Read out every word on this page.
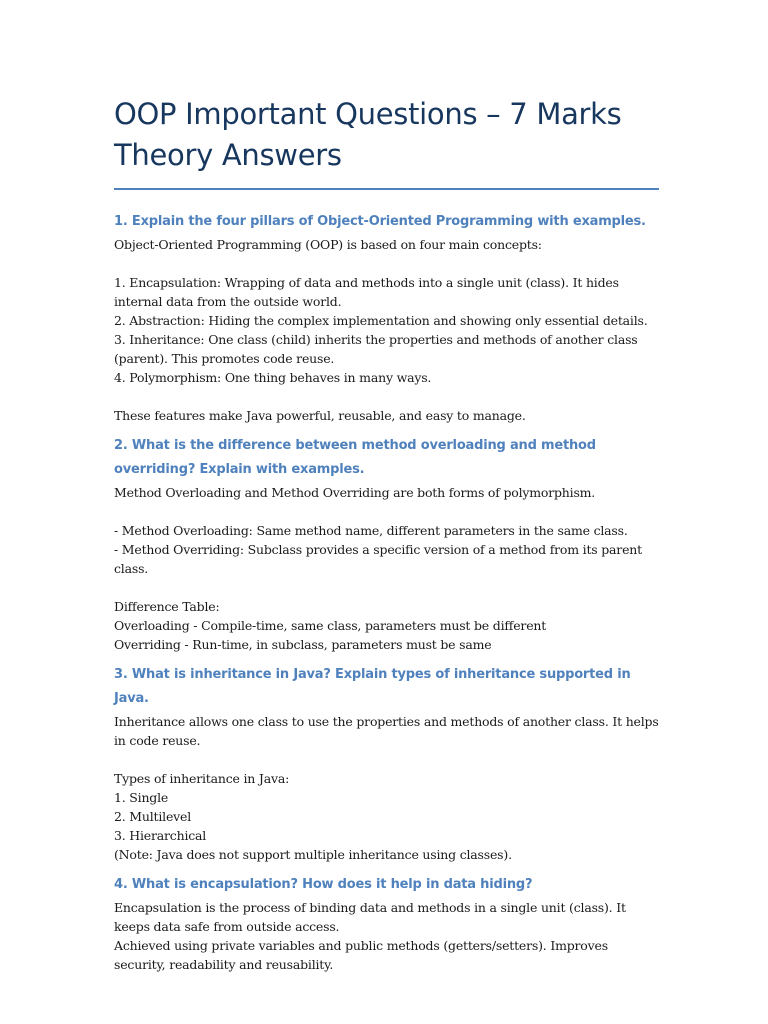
OOP Important Questions – 7 Marks Theory Answers
1. Explain the four pillars of Object-Oriented Programming with examples.

Object-Oriented Programming (OOP) is based on four main concepts:

1. Encapsulation: Wrapping of data and methods into a single unit (class). It hides internal data from the outside world.

2. Abstraction: Hiding the complex implementation and showing only essential details.

3. Inheritance: One class (child) inherits the properties and methods of another class (parent). This promotes code reuse.

4. Polymorphism: One thing behaves in many ways.

These features make Java powerful, reusable, and easy to manage.

2. What is the difference between method overloading and method overriding? Explain with examples.

Method Overloading and Method Overriding are both forms of polymorphism.

- Method Overloading: Same method name, different parameters in the same class.

- Method Overriding: Subclass provides a specific version of a method from its parent class.

Difference Table:

Overloading - Compile-time, same class, parameters must be different

Overriding - Run-time, in subclass, parameters must be same

3. What is inheritance in Java? Explain types of inheritance supported in Java.

Inheritance allows one class to use the properties and methods of another class. It helps in code reuse.

Types of inheritance in Java:

1. Single

2. Multilevel

3. Hierarchical

(Note: Java does not support multiple inheritance using classes).

4. What is encapsulation? How does it help in data hiding?

Encapsulation is the process of binding data and methods in a single unit (class). It keeps data safe from outside access.

Achieved using private variables and public methods (getters/setters). Improves security, readability and reusability.
